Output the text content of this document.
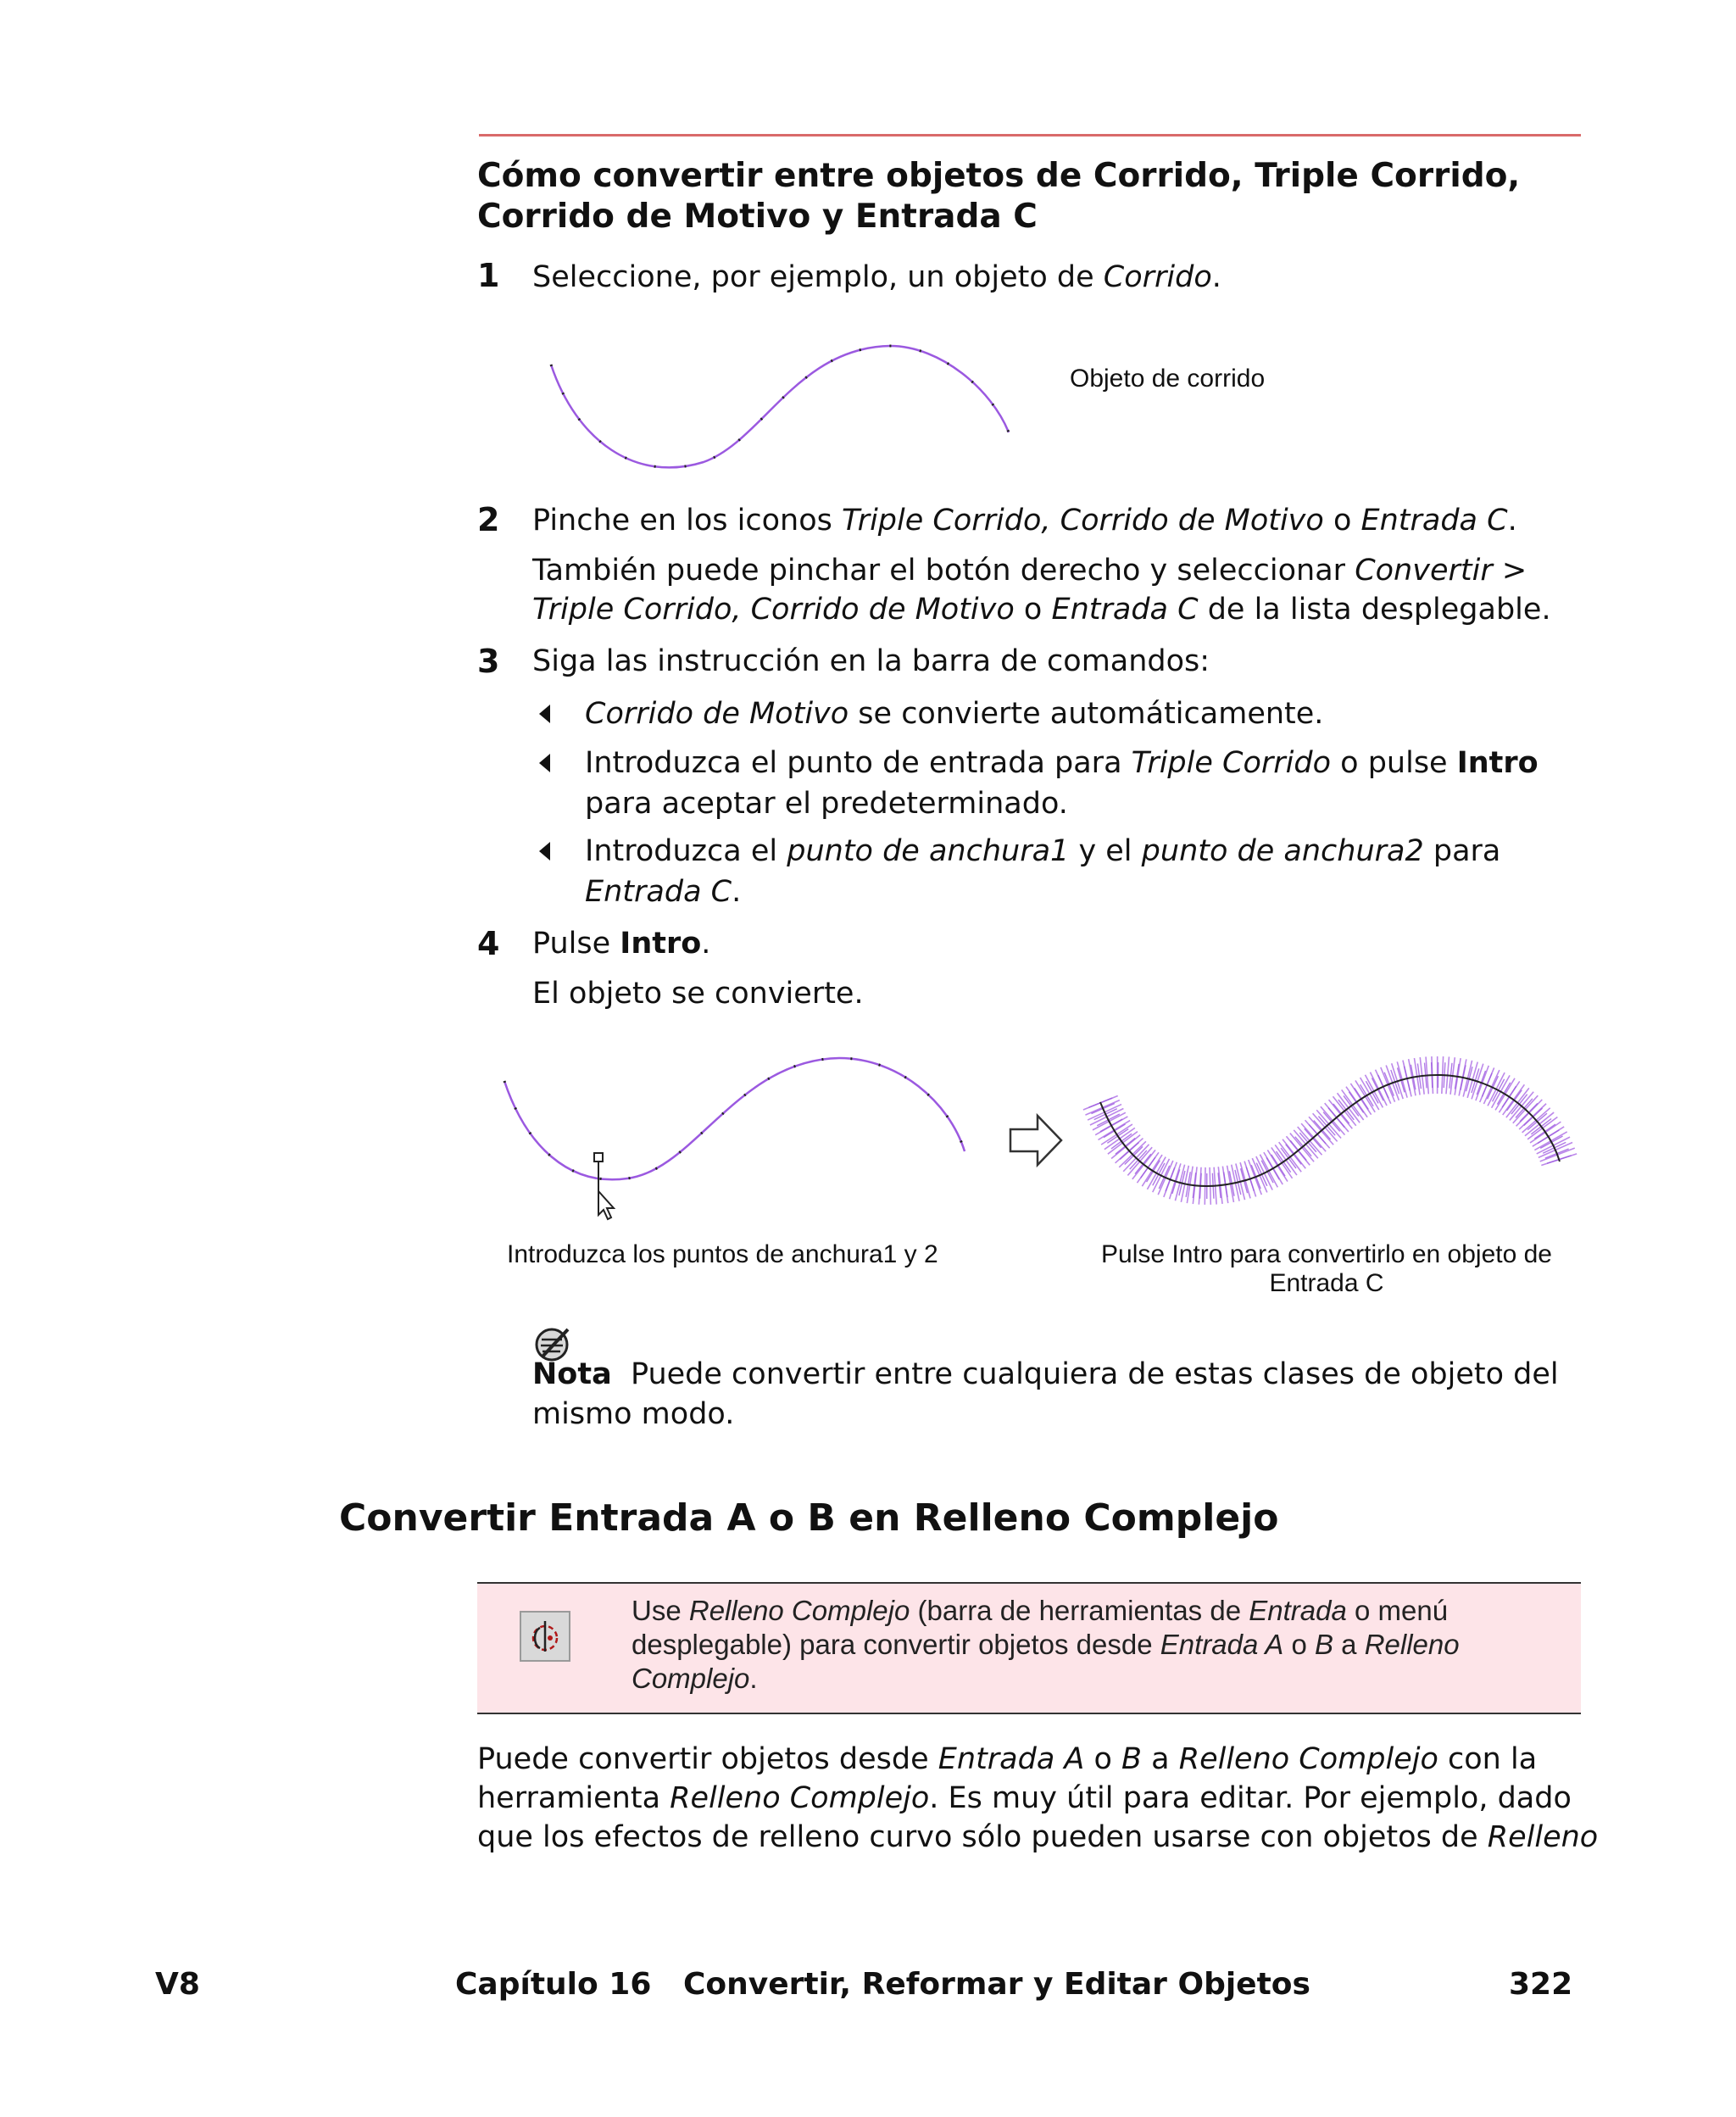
Cómo convertir entre objetos de Corrido, Triple Corrido,
Corrido de Motivo y Entrada C
1 Seleccione, por ejemplo, un objeto de Corrido.
Objeto de corrido
2 Pinche en los iconos Triple Corrido, Corrido de Motivo o Entrada C.
También puede pinchar el botón derecho y seleccionar Convertir >
Triple Corrido, Corrido de Motivo o Entrada C de la lista desplegable.
3 Siga las instrucción en la barra de comandos:
Corrido de Motivo se convierte automáticamente.
Introduzca el punto de entrada para Triple Corrido o pulse Intro
para aceptar el predeterminado.
Introduzca el punto de anchura1 y el punto de anchura2 para
Entrada C.
4 Pulse Intro.
El objeto se convierte.
Introduzca los puntos de anchura1 y 2	Pulse Intro para convertirlo en objeto de
Entrada C
Nota Puede convertir entre cualquiera de estas clases de objeto del
mismo modo.
Convertir Entrada A o B en Relleno Complejo
Use Relleno Complejo (barra de herramientas de Entrada o menú
desplegable) para convertir objetos desde Entrada A o B a Relleno
Complejo.
Puede convertir objetos desde Entrada A o B a Relleno Complejo con la
herramienta Relleno Complejo. Es muy útil para editar. Por ejemplo, dado
que los efectos de relleno curvo sólo pueden usarse con objetos de Relleno
V8	Capítulo 16   Convertir, Reformar y Editar Objetos	322
